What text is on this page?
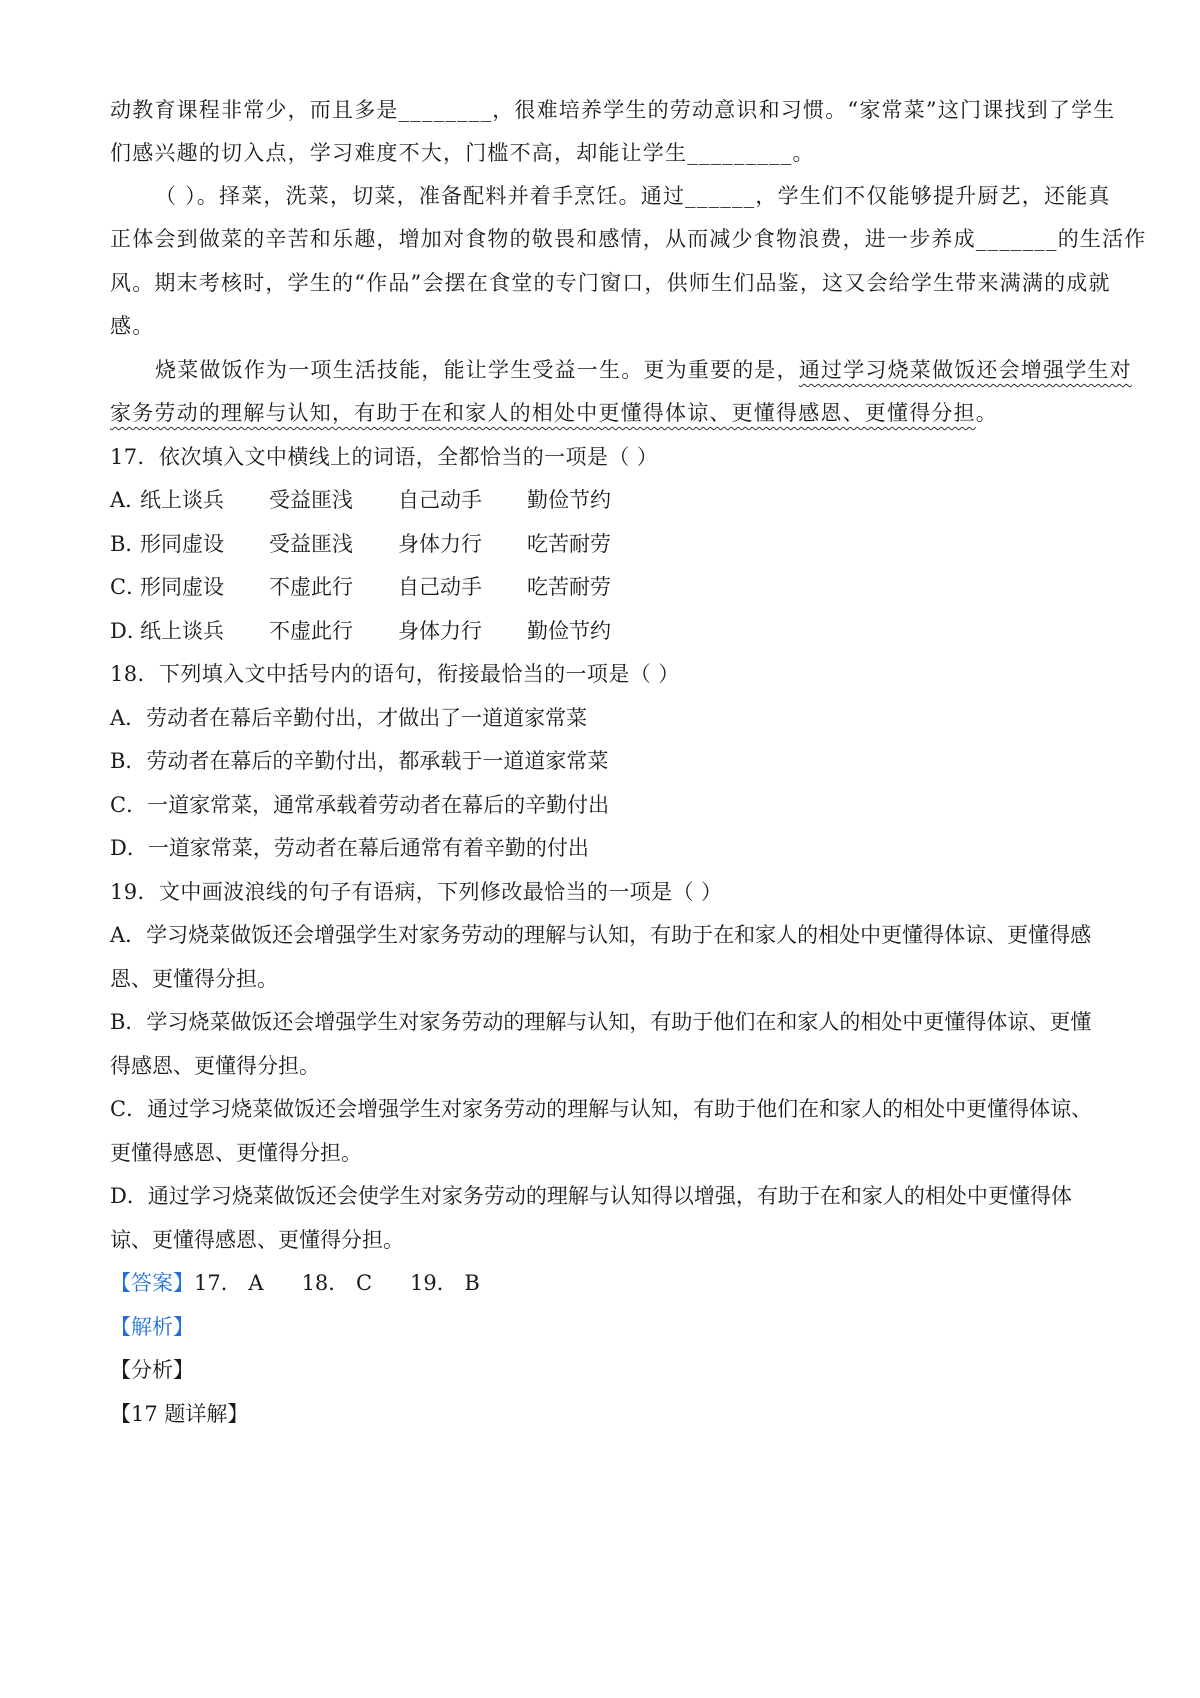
动教育课程非常少，而且多是________，很难培养学生的劳动意识和习惯。“家常菜”这门课找到了学生
们感兴趣的切入点，学习难度不大，门槛不高，却能让学生_________。
（ ）。择菜，洗菜，切菜，准备配料并着手烹饪。通过______，学生们不仅能够提升厨艺，还能真
正体会到做菜的辛苦和乐趣，增加对食物的敬畏和感情，从而减少食物浪费，进一步养成_______的生活作
风。期末考核时，学生的“作品”会摆在食堂的专门窗口，供师生们品鉴，这又会给学生带来满满的成就
感。
烧菜做饭作为一项生活技能，能让学生受益一生。更为重要的是，通过学习烧菜做饭还会增强学生对
家务劳动的理解与认知，有助于在和家人的相处中更懂得体谅、更懂得感恩、更懂得分担。
17．依次填入文中横线上的词语，全都恰当的一项是（ ）
A．纸上谈兵 受益匪浅 自己动手 勤俭节约
B．形同虚设 受益匪浅 身体力行 吃苦耐劳
C．形同虚设 不虚此行 自己动手 吃苦耐劳
D．纸上谈兵 不虚此行 身体力行 勤俭节约
18．下列填入文中括号内的语句，衔接最恰当的一项是（ ）
A．劳动者在幕后辛勤付出，才做出了一道道家常菜
B．劳动者在幕后的辛勤付出，都承载于一道道家常菜
C．一道家常菜，通常承载着劳动者在幕后的辛勤付出
D．一道家常菜，劳动者在幕后通常有着辛勤的付出
19．文中画波浪线的句子有语病，下列修改最恰当的一项是（ ）
A．学习烧菜做饭还会增强学生对家务劳动的理解与认知，有助于在和家人的相处中更懂得体谅、更懂得感
恩、更懂得分担。
B．学习烧菜做饭还会增强学生对家务劳动的理解与认知，有助于他们在和家人的相处中更懂得体谅、更懂
得感恩、更懂得分担。
C．通过学习烧菜做饭还会增强学生对家务劳动的理解与认知，有助于他们在和家人的相处中更懂得体谅、
更懂得感恩、更懂得分担。
D．通过学习烧菜做饭还会使学生对家务劳动的理解与认知得以增强，有助于在和家人的相处中更懂得体
谅、更懂得感恩、更懂得分担。
【答案】17． A 18． C 19． B
【解析】
【分析】
【17 题详解】
